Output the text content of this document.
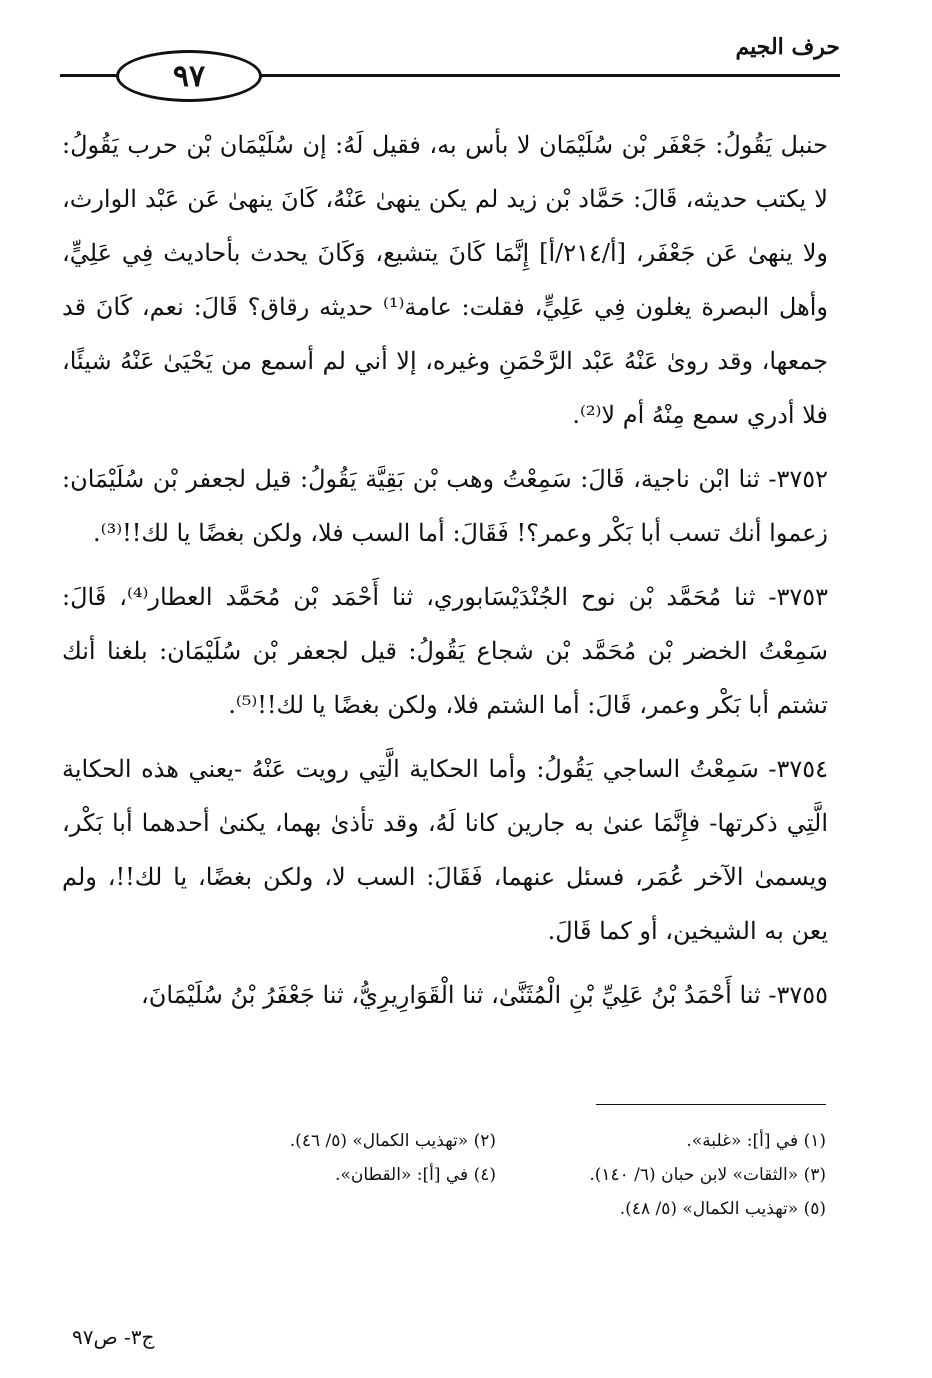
٩٧
حرف الجيم

حنبل يَقُولُ: جَعْفَر بْن سُلَيْمَان لا بأس به، فقيل لَهُ: إن سُلَيْمَان بْن حرب يَقُولُ: لا يكتب حديثه، قَالَ: حَمَّاد بْن زيد لم يكن ينهىٰ عَنْهُ، كَانَ ينهىٰ عَن عَبْد الوارث، ولا ينهىٰ عَن جَعْفَر، [أ/٢١٤/أ] إِنَّمَا كَانَ يتشيع، وَكَانَ يحدث بأحاديث فِي عَلِيٍّ، وأهل البصرة يغلون فِي عَلِيٍّ، فقلت: عامة⁽¹⁾ حديثه رقاق؟ قَالَ: نعم، كَانَ قد جمعها، وقد روىٰ عَنْهُ عَبْد الرَّحْمَنِ وغيره، إلا أني لم أسمع من يَحْيَىٰ عَنْهُ شيئًا، فلا أدري سمع مِنْهُ أم لا⁽²⁾.

٣٧٥٢- ثنا ابْن ناجية، قَالَ: سَمِعْتُ وهب بْن بَقِيَّة يَقُولُ: قيل لجعفر بْن سُلَيْمَان: زعموا أنك تسب أبا بَكْر وعمر؟! فَقَالَ: أما السب فلا، ولكن بغضًا يا لك!!⁽³⁾.

٣٧٥٣- ثنا مُحَمَّد بْن نوح الجُنْدَيْسَابوري، ثنا أَحْمَد بْن مُحَمَّد العطار⁽⁴⁾، قَالَ: سَمِعْتُ الخضر بْن مُحَمَّد بْن شجاع يَقُولُ: قيل لجعفر بْن سُلَيْمَان: بلغنا أنك تشتم أبا بَكْر وعمر، قَالَ: أما الشتم فلا، ولكن بغضًا يا لك!!⁽⁵⁾.

٣٧٥٤- سَمِعْتُ الساجي يَقُولُ: وأما الحكاية الَّتِي رويت عَنْهُ -يعني هذه الحكاية الَّتِي ذكرتها- فإِنَّمَا عنىٰ به جارين كانا لَهُ، وقد تأذىٰ بهما، يكنىٰ أحدهما أبا بَكْر، ويسمىٰ الآخر عُمَر، فسئل عنهما، فَقَالَ: السب لا، ولكن بغضًا، يا لك!!، ولم يعن به الشيخين، أو كما قَالَ.

٣٧٥٥- ثنا أَحْمَدُ بْنُ عَلِيِّ بْنِ الْمُثَنَّىٰ، ثنا الْقَوَارِيرِيُّ، ثنا جَعْفَرُ بْنُ سُلَيْمَانَ،

(١) في [أ]: «غلبة».
(٢) «تهذيب الكمال» (٥/ ٤٦).
(٣) «الثقات» لابن حبان (٦/ ١٤٠).
(٤) في [أ]: «القطان».
(٥) «تهذيب الكمال» (٥/ ٤٨).
ج٣- ص٩٧
